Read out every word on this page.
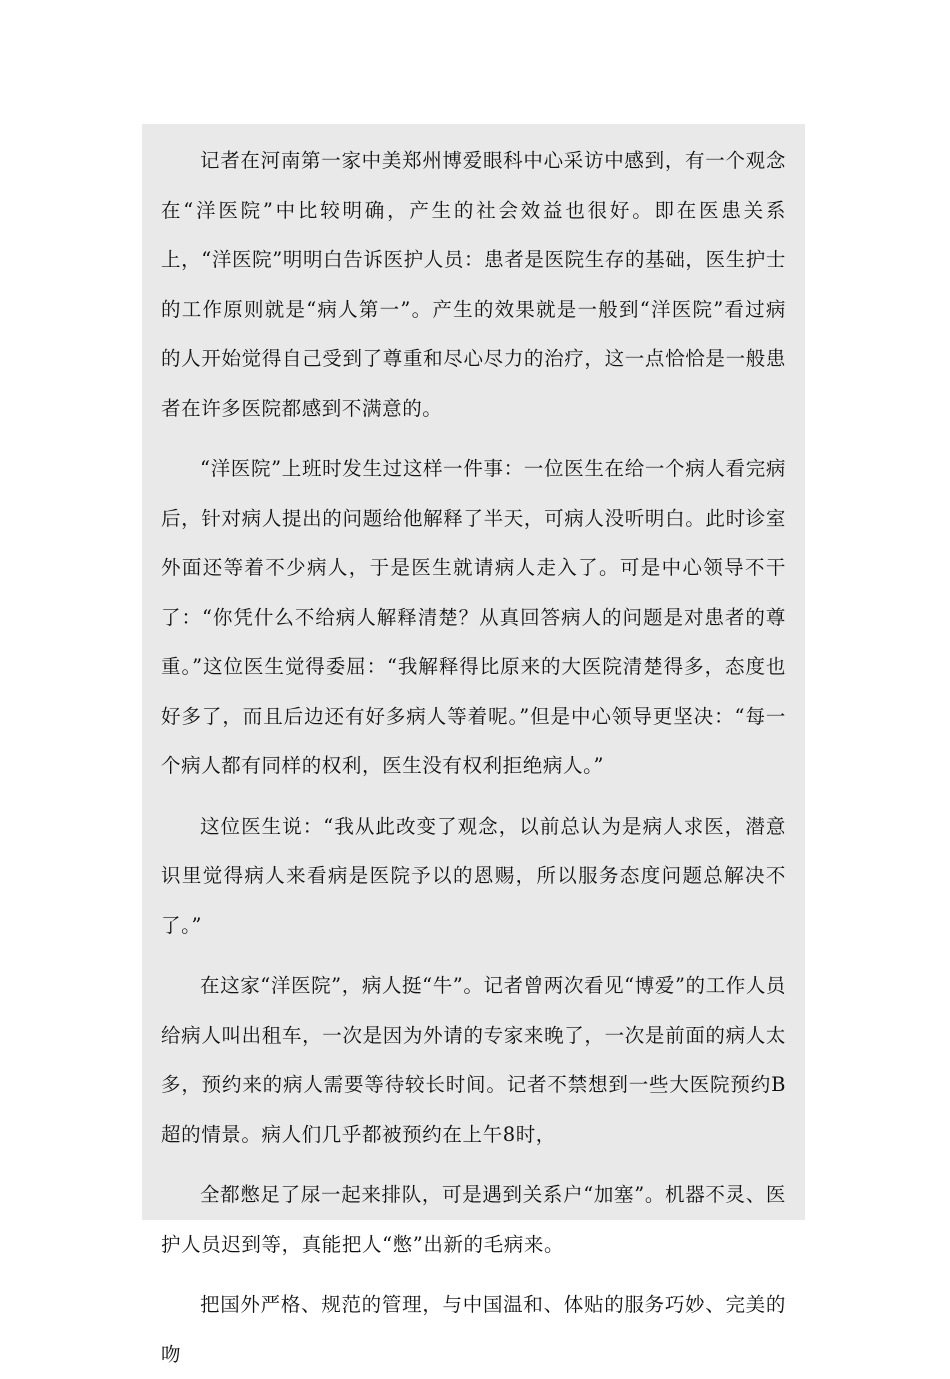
记者在河南第一家中美郑州博爱眼科中心采访中感到，有一个观念在“洋医院”中比较明确，产生的社会效益也很好。即在医患关系上，“洋医院”明明白告诉医护人员：患者是医院生存的基础，医生护士的工作原则就是“病人第一”。产生的效果就是一般到“洋医院”看过病的人开始觉得自己受到了尊重和尽心尽力的治疗，这一点恰恰是一般患者在许多医院都感到不满意的。

“洋医院”上班时发生过这样一件事：一位医生在给一个病人看完病后，针对病人提出的问题给他解释了半天，可病人没听明白。此时诊室外面还等着不少病人，于是医生就请病人走入了。可是中心领导不干了：“你凭什么不给病人解释清楚？从真回答病人的问题是对患者的尊重。”这位医生觉得委屈：“我解释得比原来的大医院清楚得多，态度也好多了，而且后边还有好多病人等着呢。”但是中心领导更坚决：“每一个病人都有同样的权利，医生没有权利拒绝病人。”

这位医生说：“我从此改变了观念，以前总认为是病人求医，潜意识里觉得病人来看病是医院予以的恩赐，所以服务态度问题总解决不了。”

在这家“洋医院”，病人挺“牛”。记者曾两次看见“博爱”的工作人员给病人叫出租车，一次是因为外请的专家来晚了，一次是前面的病人太多，预约来的病人需要等待较长时间。记者不禁想到一些大医院预约B超的情景。病人们几乎都被预约在上午8时，

全都憋足了尿一起来排队，可是遇到关系户“加塞”。机器不灵、医护人员迟到等，真能把人“憋”出新的毛病来。

把国外严格、规范的管理，与中国温和、体贴的服务巧妙、完美的吻
